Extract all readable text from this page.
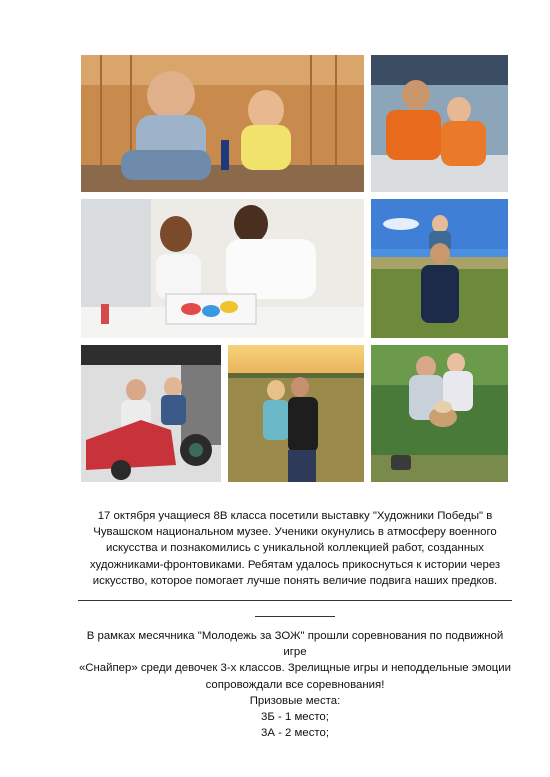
17 октября учащиеся 8В класса посетили выставку "Художники Победы" в Чувашском национальном музее. Ученики окунулись в атмосферу военного искусства и познакомились с уникальной коллекцией работ, созданных художниками-фронтовиками. Ребятам удалось прикоснуться к истории через искусство, которое помогает лучше понять величие подвига наших предков.
В рамках месячника "Молодежь за ЗОЖ" прошли соревнования по подвижной игре
«Снайпер» среди девочек 3-х классов. Зрелищные игры и неподдельные эмоции
сопровождали все соревнования!
Призовые места:
3Б - 1 место;
3А - 2 место;
